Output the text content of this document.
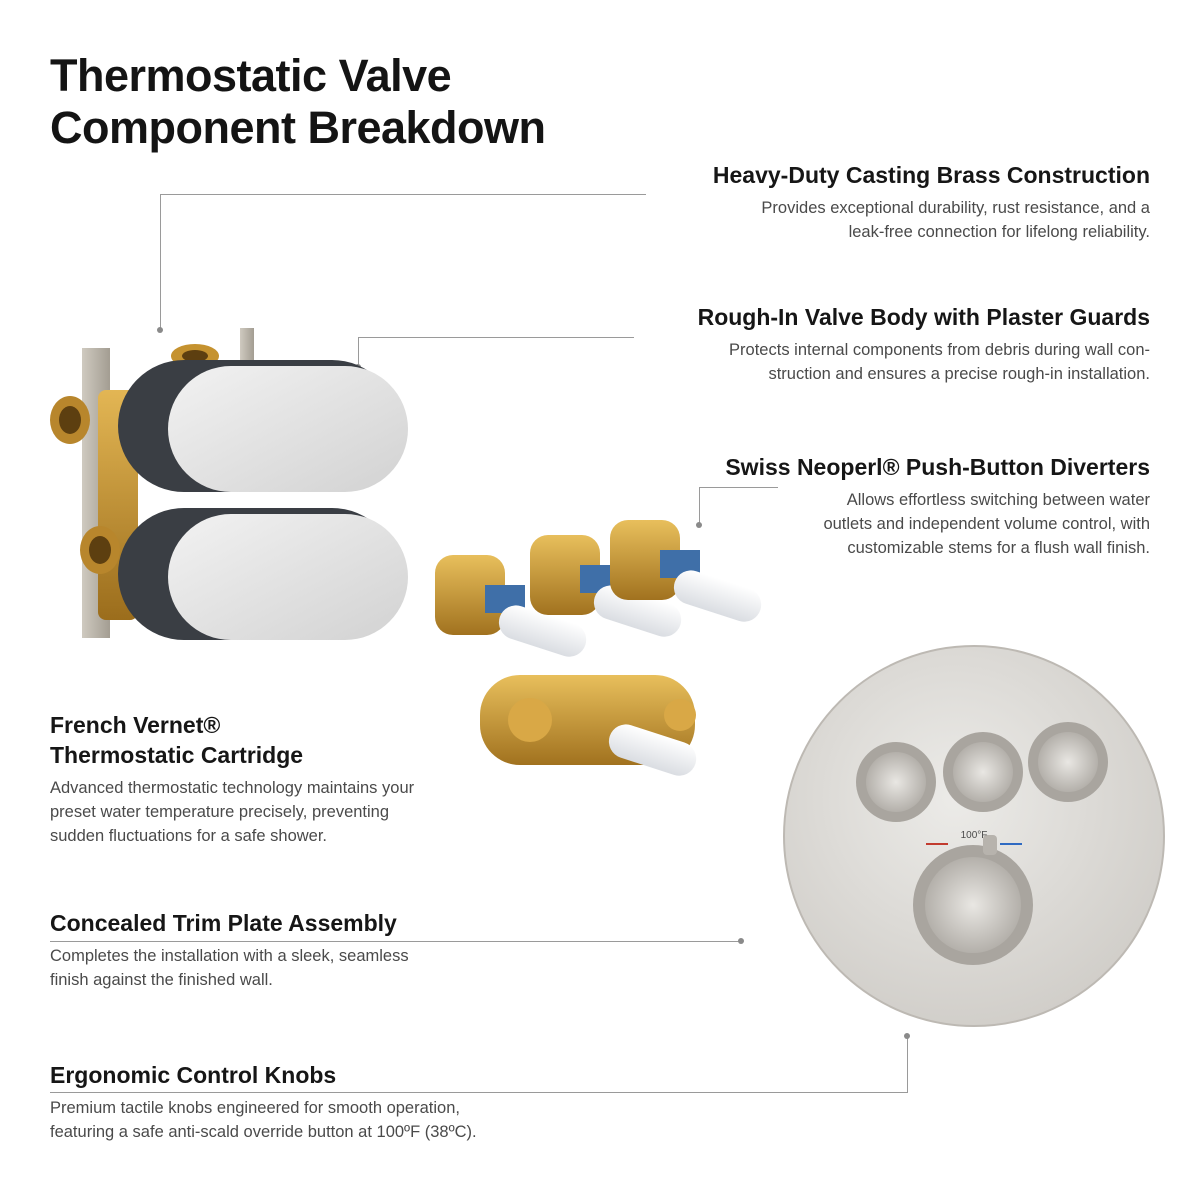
Thermostatic Valve
Component Breakdown
Heavy-Duty Casting Brass Construction
Provides exceptional durability, rust resistance, and a
leak-free connection for lifelong reliability.
Rough-In Valve Body with Plaster Guards
Protects internal components from debris during wall con-
struction and ensures a precise rough-in installation.
Swiss Neoperl® Push-Button Diverters
Allows effortless switching between water
outlets and independent volume control, with
customizable stems for a flush wall finish.
French Vernet®
Thermostatic Cartridge
Advanced thermostatic technology maintains your
preset water temperature precisely, preventing
sudden fluctuations for a safe shower.
Concealed Trim Plate Assembly
Completes the installation with a sleek, seamless
finish against the finished wall.
Ergonomic Control Knobs
Premium tactile knobs engineered for smooth operation,
featuring a safe anti-scald override button at 100ºF (38ºC).
100°F
